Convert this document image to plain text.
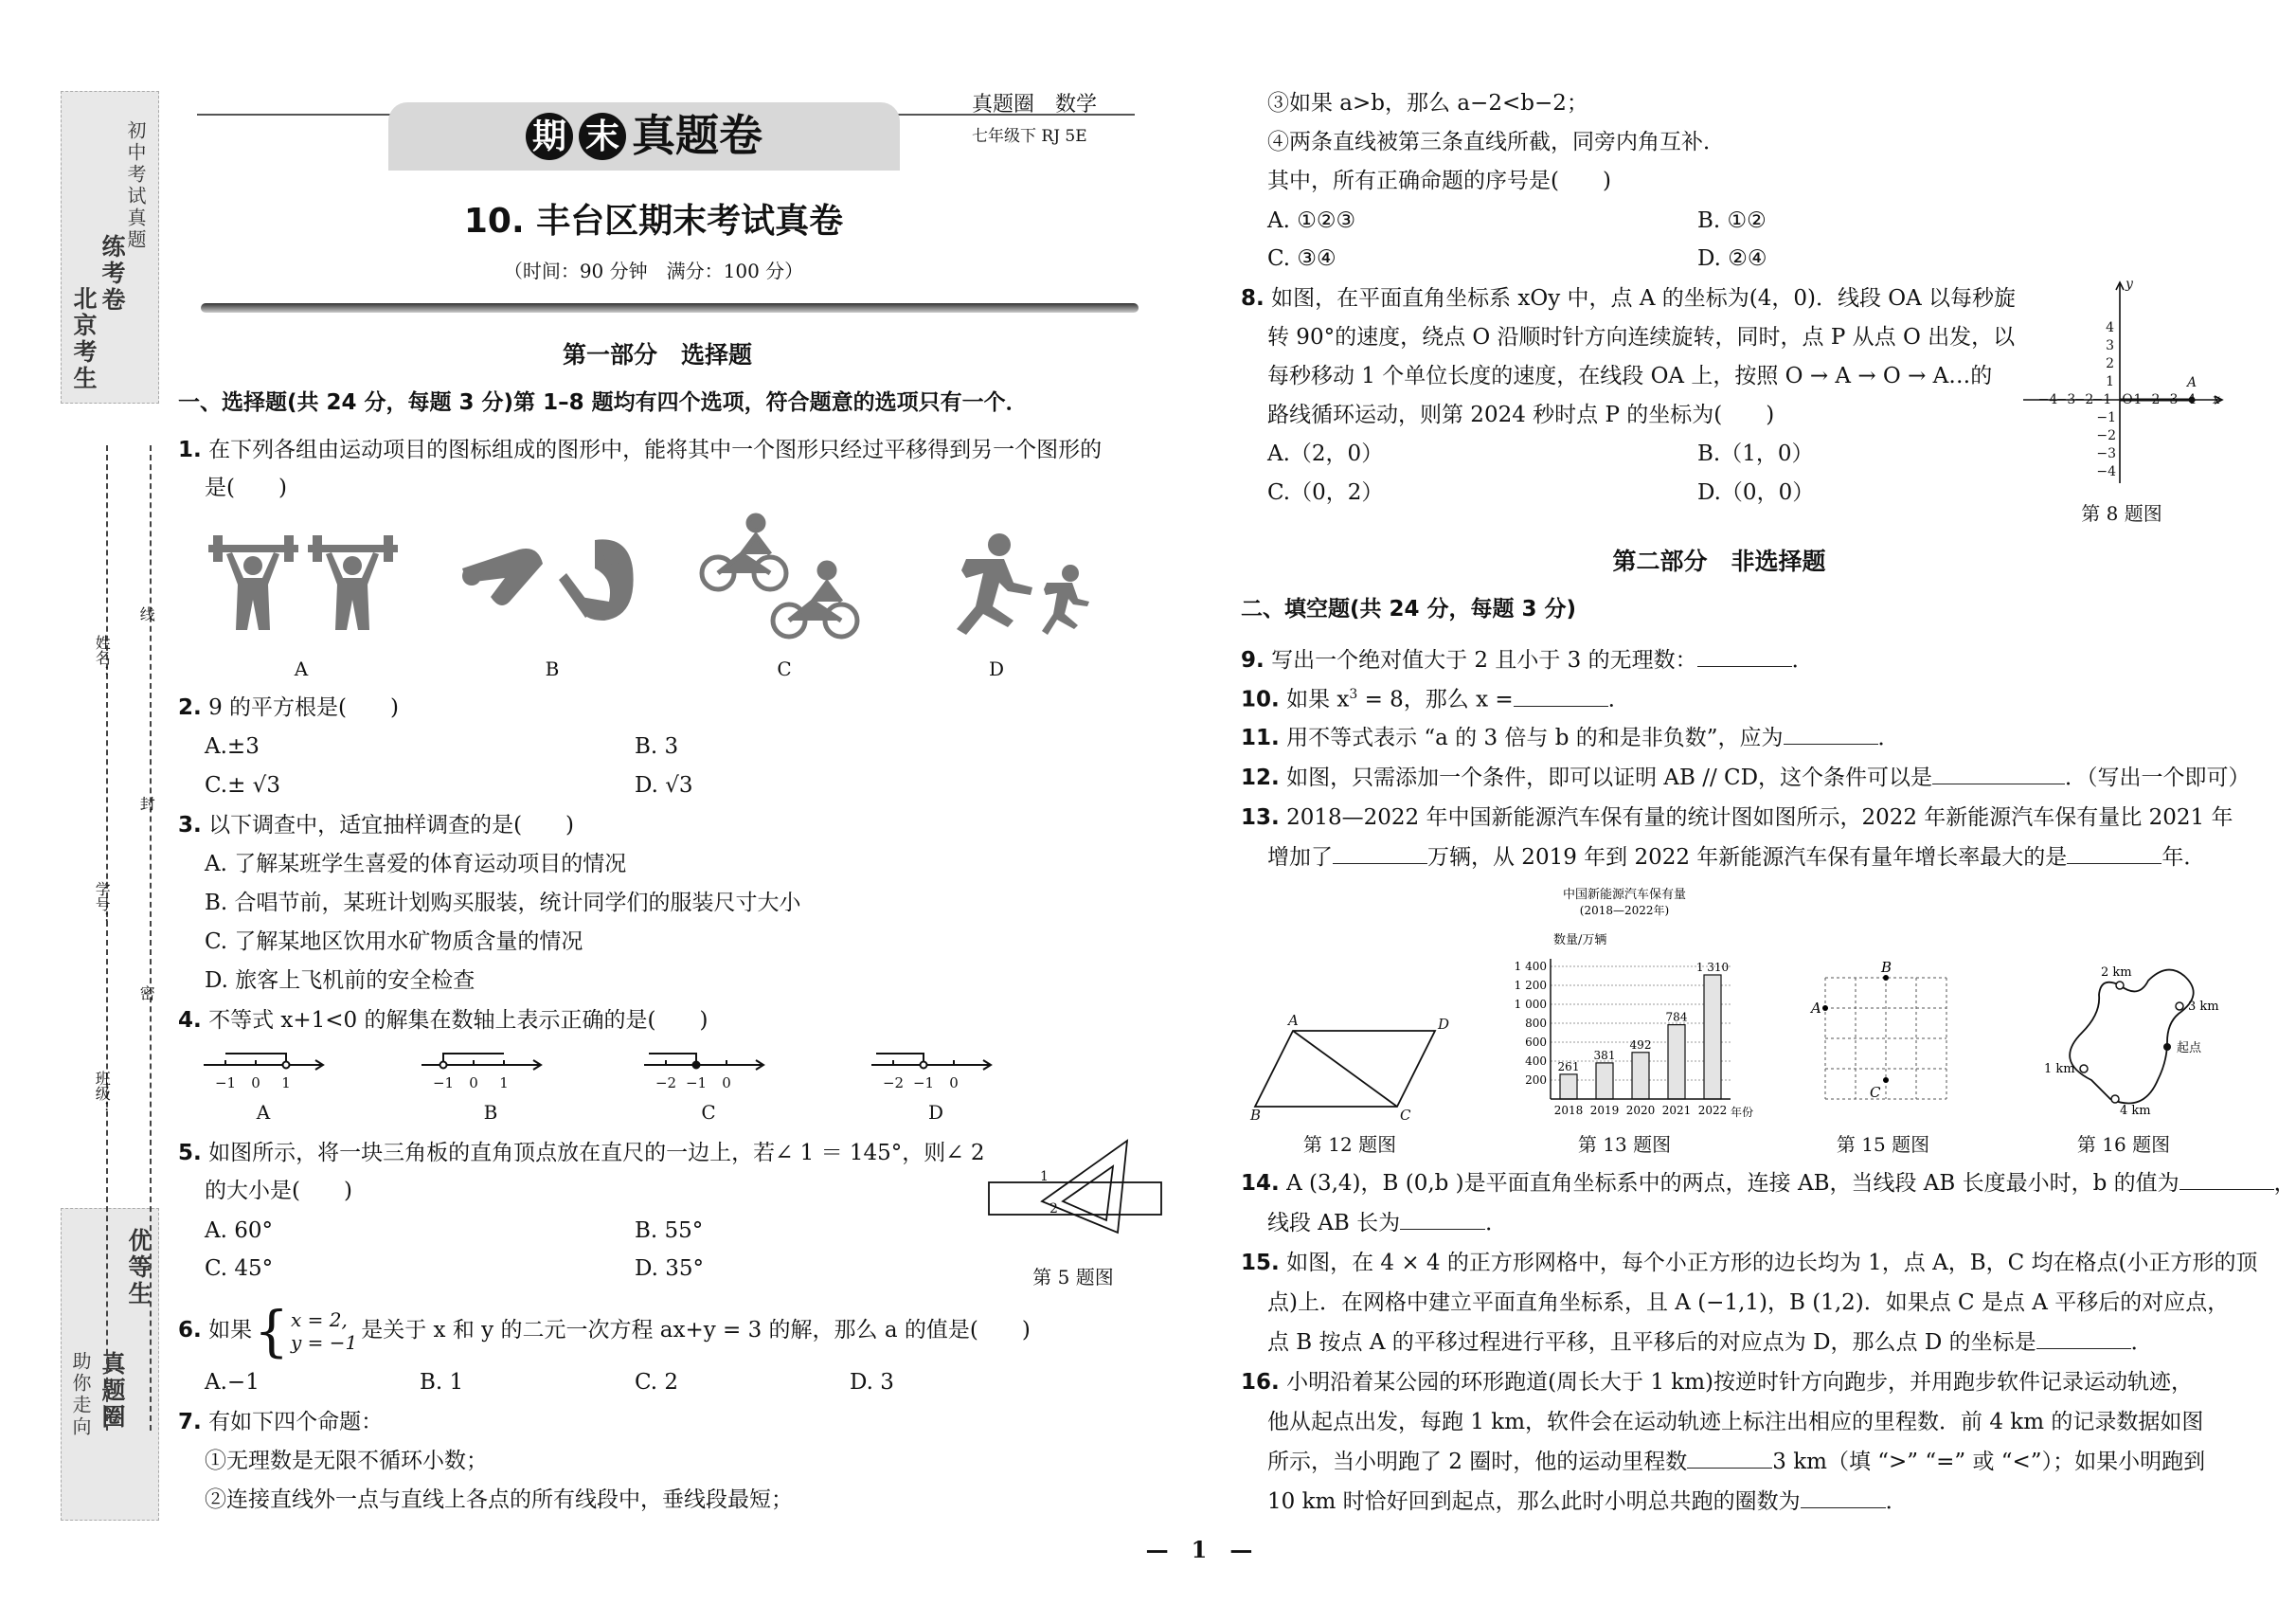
北京考生
练考卷
初中考试真题
优等生
真题圈
助你走向
姓名：
线
封
学号：
密
班级：
期 末 真题卷
真题圈　数学
七年级下 RJ 5E
10. 丰台区期末考试真卷
（时间：90 分钟　满分：100 分）
第一部分　选择题
一、选择题(共 24 分，每题 3 分)第 1–8 题均有四个选项，符合题意的选项只有一个．
1. 在下列各组由运动项目的图标组成的图形中，能将其中一个图形只经过平移得到另一个图形的
是(　　)
A	B	C	D
2. 9 的平方根是(　　)
A.±3	B. 3
C.± √3	D. √3
3. 以下调查中，适宜抽样调查的是(　　)
A. 了解某班学生喜爱的体育运动项目的情况
B. 合唱节前，某班计划购买服装，统计同学们的服装尺寸大小
C. 了解某地区饮用水矿物质含量的情况
D. 旅客上飞机前的安全检查
4. 不等式 x+1<0 的解集在数轴上表示正确的是(　　)
−1 0 1	−1 0 1	−2 −1 0	−2 −1 0
A	B	C	D
5. 如图所示，将一块三角板的直角顶点放在直尺的一边上，若∠ 1 ＝ 145°，则∠ 2
的大小是(　　)
A. 60°	B. 55°
C. 45°	D. 35°
1
2
第 5 题图
6.
如果 { x = 2,
y = −1 是关于 x 和 y 的二元一次方程 ax+y = 3 的解，那么 a 的值是(　　)
A.−1	B. 1	C. 2	D. 3
7. 有如下四个命题：
①无理数是无限不循环小数；
②连接直线外一点与直线上各点的所有线段中，垂线段最短；
③如果 a>b，那么 a−2<b−2；
④两条直线被第三条直线所截，同旁内角互补．
其中，所有正确命题的序号是(　　)
A. ①②③	B. ①②
C. ③④	D. ②④
8. 如图，在平面直角坐标系 xOy 中，点 A 的坐标为(4，0)．线段 OA 以每秒旋
转 90°的速度，绕点 O 沿顺时针方向连续旋转，同时，点 P 从点 O 出发，以
每秒移动 1 个单位长度的速度，在线段 OA 上，按照 O → A → O → A…的
路线循环运动，则第 2024 秒时点 P 的坐标为(　　)
A.（2，0）	B.（1，0）
C.（0，2）	D.（0，0）
−4
−3
−2
−1 O 1 2 3 4 x
y
A
4
3
2
1
−1
−2
−3
−4
第 8 题图
第二部分　非选择题
二、填空题(共 24 分，每题 3 分)
9. 写出一个绝对值大于 2 且小于 3 的无理数：	．
10. 如果 $x^3 = 8$，那么 x =	．
11. 用不等式表示 “a 的 3 倍与 b 的和是非负数”，应为	．
12. 如图，只需添加一个条件，即可以证明 AB // CD，这个条件可以是	．（写出一个即可）
13. 2018—2022 年中国新能源汽车保有量的统计图如图所示，2022 年新能源汽车保有量比 2021 年
增加了	万辆，从 2019 年到 2022 年新能源汽车保有量年增长率最大的是	年．
A	D
B	C
第 12 题图
中国新能源汽车保有量
(2018—2022年)
数量/万辆
年份
200
400
600
800
1 000
1 200
1 400
2018 2019 2020 2021 2022
261
381
492
784
1 310
第 13 题图
A
B
C
第 15 题图
2 km
3 km
起点
1 km
4 km
第 16 题图
14. A (3,4)，B (0,b )是平面直角坐标系中的两点，连接 AB，当线段 AB 长度最小时，b 的值为	，
线段 AB 长为	．
15. 如图，在 4 × 4 的正方形网格中，每个小正方形的边长均为 1，点 A，B，C 均在格点(小正方形的顶
点)上．在网格中建立平面直角坐标系，且 A (−1,1)，B (1,2)．如果点 C 是点 A 平移后的对应点，
点 B 按点 A 的平移过程进行平移，且平移后的对应点为 D，那么点 D 的坐标是	．
16. 小明沿着某公园的环形跑道(周长大于 1 km)按逆时针方向跑步，并用跑步软件记录运动轨迹，
他从起点出发，每跑 1 km，软件会在运动轨迹上标注出相应的里程数．前 4 km 的记录数据如图
所示，当小明跑了 2 圈时，他的运动里程数	3 km（填 “>” “=” 或 “<”）；如果小明跑到
10 km 时恰好回到起点，那么此时小明总共跑的圈数为	．
—　1　—
